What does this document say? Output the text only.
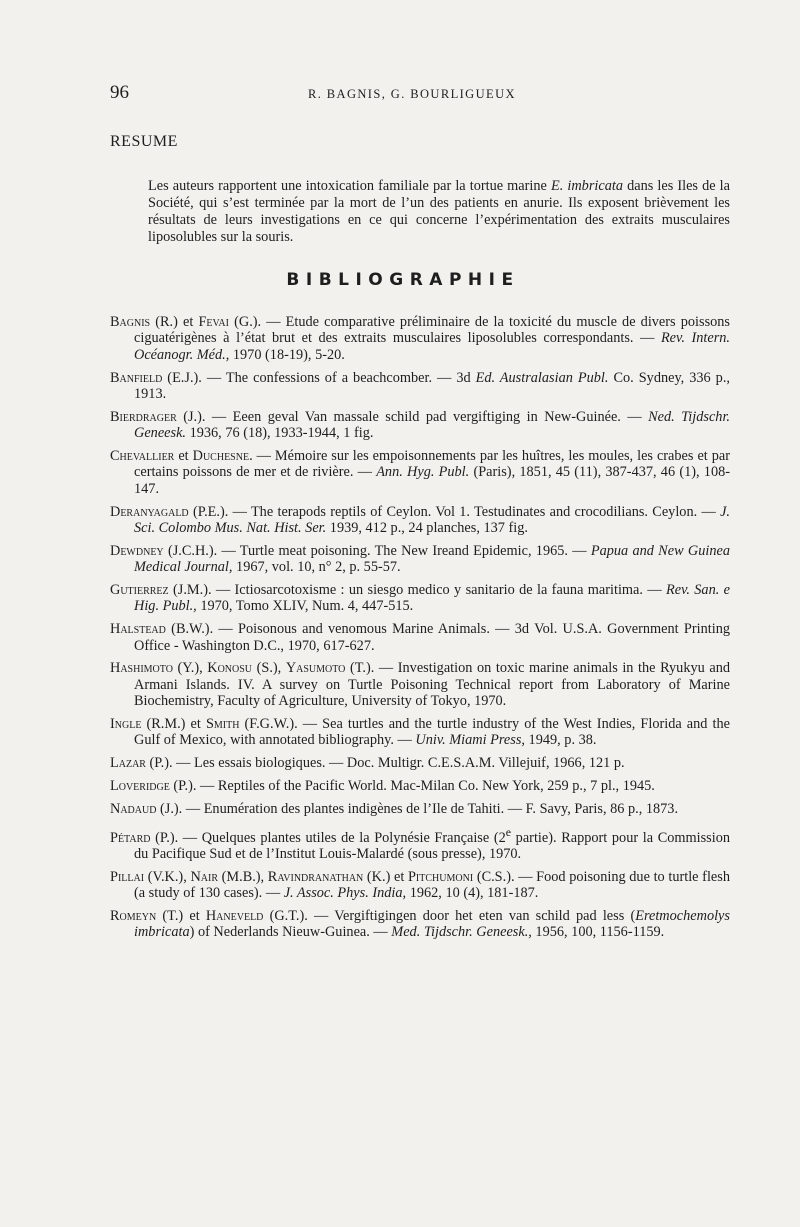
96	R. BAGNIS, G. BOURLIGUEUX
RESUME

Les auteurs rapportent une intoxication familiale par la tortue marine E. imbricata dans les Iles de la Société, qui s’est terminée par la mort de l’un des patients en anurie. Ils exposent brièvement les résultats de leurs investigations en ce qui concerne l’expérimentation des extraits musculaires liposolubles sur la souris.

BIBLIOGRAPHIE
Bagnis (R.) et Fevai (G.). — Etude comparative préliminaire de la toxicité du muscle de divers poissons ciguatérigènes à l’état brut et des extraits musculaires liposolubles correspondants. — Rev. Intern. Océanogr. Méd., 1970 (18-19), 5-20.
Banfield (E.J.). — The confessions of a beachcomber. — 3d Ed. Australasian Publ. Co. Sydney, 336 p., 1913.
Bierdrager (J.). — Eeen geval Van massale schild pad vergiftiging in New-Guinée. — Ned. Tijdschr. Geneesk. 1936, 76 (18), 1933-1944, 1 fig.
Chevallier et Duchesne. — Mémoire sur les empoisonnements par les huîtres, les moules, les crabes et par certains poissons de mer et de rivière. — Ann. Hyg. Publ. (Paris), 1851, 45 (11), 387-437, 46 (1), 108-147.
Deranyagald (P.E.). — The terapods reptils of Ceylon. Vol 1. Testudinates and crocodilians. Ceylon. — J. Sci. Colombo Mus. Nat. Hist. Ser. 1939, 412 p., 24 planches, 137 fig.
Dewdney (J.C.H.). — Turtle meat poisoning. The New Ireand Epidemic, 1965. — Papua and New Guinea Medical Journal, 1967, vol. 10, n° 2, p. 55-57.
Gutierrez (J.M.). — Ictiosarcotoxisme : un siesgo medico y sanitario de la fauna maritima. — Rev. San. e Hig. Publ., 1970, Tomo XLIV, Num. 4, 447-515.
Halstead (B.W.). — Poisonous and venomous Marine Animals. — 3d Vol. U.S.A. Government Printing Office - Washington D.C., 1970, 617-627.
Hashimoto (Y.), Konosu (S.), Yasumoto (T.). — Investigation on toxic marine animals in the Ryukyu and Armani Islands. IV. A survey on Turtle Poisoning Technical report from Laboratory of Marine Biochemistry, Faculty of Agriculture, University of Tokyo, 1970.
Ingle (R.M.) et Smith (F.G.W.). — Sea turtles and the turtle industry of the West Indies, Florida and the Gulf of Mexico, with annotated bibliography. — Univ. Miami Press, 1949, p. 38.
Lazar (P.). — Les essais biologiques. — Doc. Multigr. C.E.S.A.M. Villejuif, 1966, 121 p.
Loveridge (P.). — Reptiles of the Pacific World. Mac-Milan Co. New York, 259 p., 7 pl., 1945.
Nadaud (J.). — Enumération des plantes indigènes de l’Ile de Tahiti. — F. Savy, Paris, 86 p., 1873.
Pétard (P.). — Quelques plantes utiles de la Polynésie Française (2e partie). Rapport pour la Commission du Pacifique Sud et de l’Institut Louis-Malardé (sous presse), 1970.
Pillai (V.K.), Nair (M.B.), Ravindranathan (K.) et Pitchumoni (C.S.). — Food poisoning due to turtle flesh (a study of 130 cases). — J. Assoc. Phys. India, 1962, 10 (4), 181-187.
Romeyn (T.) et Haneveld (G.T.). — Vergiftigingen door het eten van schild pad less (Eretmochemolys imbricata) of Nederlands Nieuw-Guinea. — Med. Tijdschr. Geneesk., 1956, 100, 1156-1159.
